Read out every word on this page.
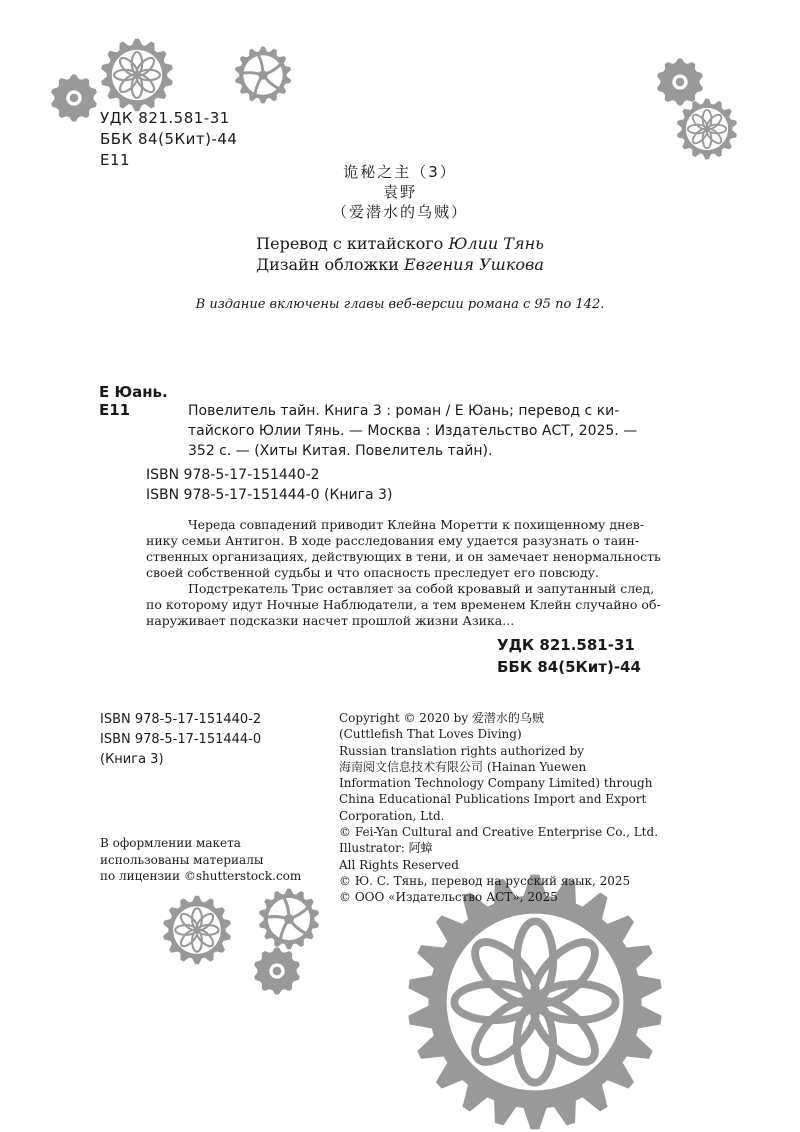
УДК 821.581-31
ББК 84(5Кит)-44
Е11
诡秘之主（3）
袁野
（爱潜水的乌贼）
Перевод с китайского Юлии Тянь
Дизайн обложки Евгения Ушкова
В издание включены главы веб-версии романа с 95 по 142.
Е Юань.
Е11	Повелитель тайн. Книга 3 : роман / Е Юань; перевод с ки-
тайского Юлии Тянь. — Москва : Издательство АСТ, 2025. —
352 с. — (Хиты Китая. Повелитель тайн).
ISBN 978-5-17-151440-2
ISBN 978-5-17-151444-0 (Книга 3)

Череда совпадений приводит Клейна Моретти к похищенному днев-

нику семьи Антигон. В ходе расследования ему удается разузнать о таин-
ственных организациях, действующих в тени, и он замечает ненормальность
своей собственной судьбы и что опасность преследует его повсюду.

Подстрекатель Трис оставляет за собой кровавый и запутанный след,

по которому идут Ночные Наблюдатели, а тем временем Клейн случайно об-
наруживает подсказки насчет прошлой жизни Азика...
УДК 821.581-31
ББК 84(5Кит)-44
ISBN 978-5-17-151440-2
ISBN 978-5-17-151444-0
(Книга 3)
В оформлении макета
использованы материалы
по лицензии ©shutterstock.com
Copyright © 2020 by 爱潜水的乌贼
(Cuttlefish That Loves Diving)
Russian translation rights authorized by
海南阅文信息技术有限公司 (Hainan Yuewen
Information Technology Company Limited) through
China Educational Publications Import and Export
Corporation, Ltd.
© Fei-Yan Cultural and Creative Enterprise Co., Ltd.
Illustrator: 阿蟑
All Rights Reserved
© Ю. С. Тянь, перевод на русский язык, 2025
© ООО «Издательство АСТ», 2025
